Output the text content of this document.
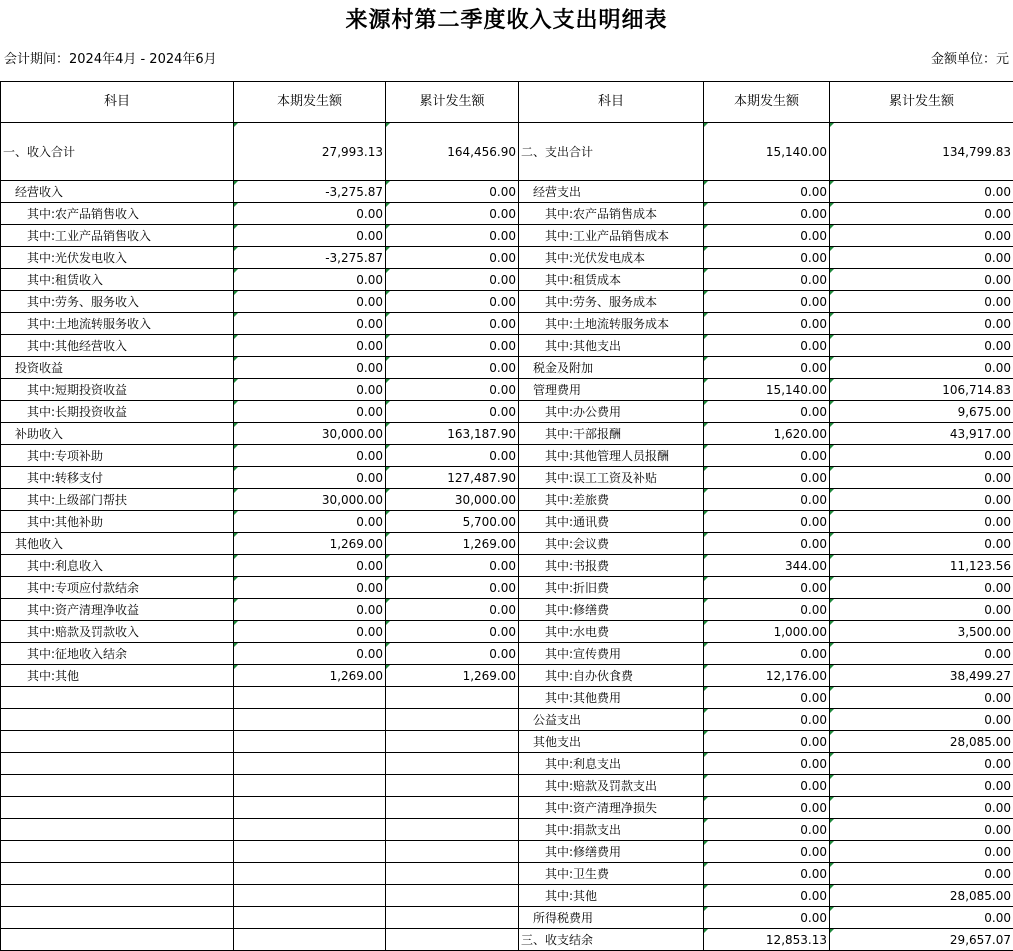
来源村第二季度收入支出明细表
会计期间：2024年4月 - 2024年6月	金额单位：元
科目	本期发生额	累计发生额	科目	本期发生额	累计发生额
一、收入合计	27,993.13	164,456.90	二、支出合计	15,140.00	134,799.83
经营收入	-3,275.87	0.00	经营支出	0.00	0.00
其中:农产品销售收入	0.00	0.00	其中:农产品销售成本	0.00	0.00
其中:工业产品销售收入	0.00	0.00	其中:工业产品销售成本	0.00	0.00
其中:光伏发电收入	-3,275.87	0.00	其中:光伏发电成本	0.00	0.00
其中:租赁收入	0.00	0.00	其中:租赁成本	0.00	0.00
其中:劳务、服务收入	0.00	0.00	其中:劳务、服务成本	0.00	0.00
其中:土地流转服务收入	0.00	0.00	其中:土地流转服务成本	0.00	0.00
其中:其他经营收入	0.00	0.00	其中:其他支出	0.00	0.00
投资收益	0.00	0.00	税金及附加	0.00	0.00
其中:短期投资收益	0.00	0.00	管理费用	15,140.00	106,714.83
其中:长期投资收益	0.00	0.00	其中:办公费用	0.00	9,675.00
补助收入	30,000.00	163,187.90	其中:干部报酬	1,620.00	43,917.00
其中:专项补助	0.00	0.00	其中:其他管理人员报酬	0.00	0.00
其中:转移支付	0.00	127,487.90	其中:误工工资及补贴	0.00	0.00
其中:上级部门帮扶	30,000.00	30,000.00	其中:差旅费	0.00	0.00
其中:其他补助	0.00	5,700.00	其中:通讯费	0.00	0.00
其他收入	1,269.00	1,269.00	其中:会议费	0.00	0.00
其中:利息收入	0.00	0.00	其中:书报费	344.00	11,123.56
其中:专项应付款结余	0.00	0.00	其中:折旧费	0.00	0.00
其中:资产清理净收益	0.00	0.00	其中:修缮费	0.00	0.00
其中:赔款及罚款收入	0.00	0.00	其中:水电费	1,000.00	3,500.00
其中:征地收入结余	0.00	0.00	其中:宣传费用	0.00	0.00
其中:其他	1,269.00	1,269.00	其中:自办伙食费	12,176.00	38,499.27
			其中:其他费用	0.00	0.00
			公益支出	0.00	0.00
			其他支出	0.00	28,085.00
			其中:利息支出	0.00	0.00
			其中:赔款及罚款支出	0.00	0.00
			其中:资产清理净损失	0.00	0.00
			其中:捐款支出	0.00	0.00
			其中:修缮费用	0.00	0.00
			其中:卫生费	0.00	0.00
			其中:其他	0.00	28,085.00
			所得税费用	0.00	0.00
			三、收支结余	12,853.13	29,657.07
